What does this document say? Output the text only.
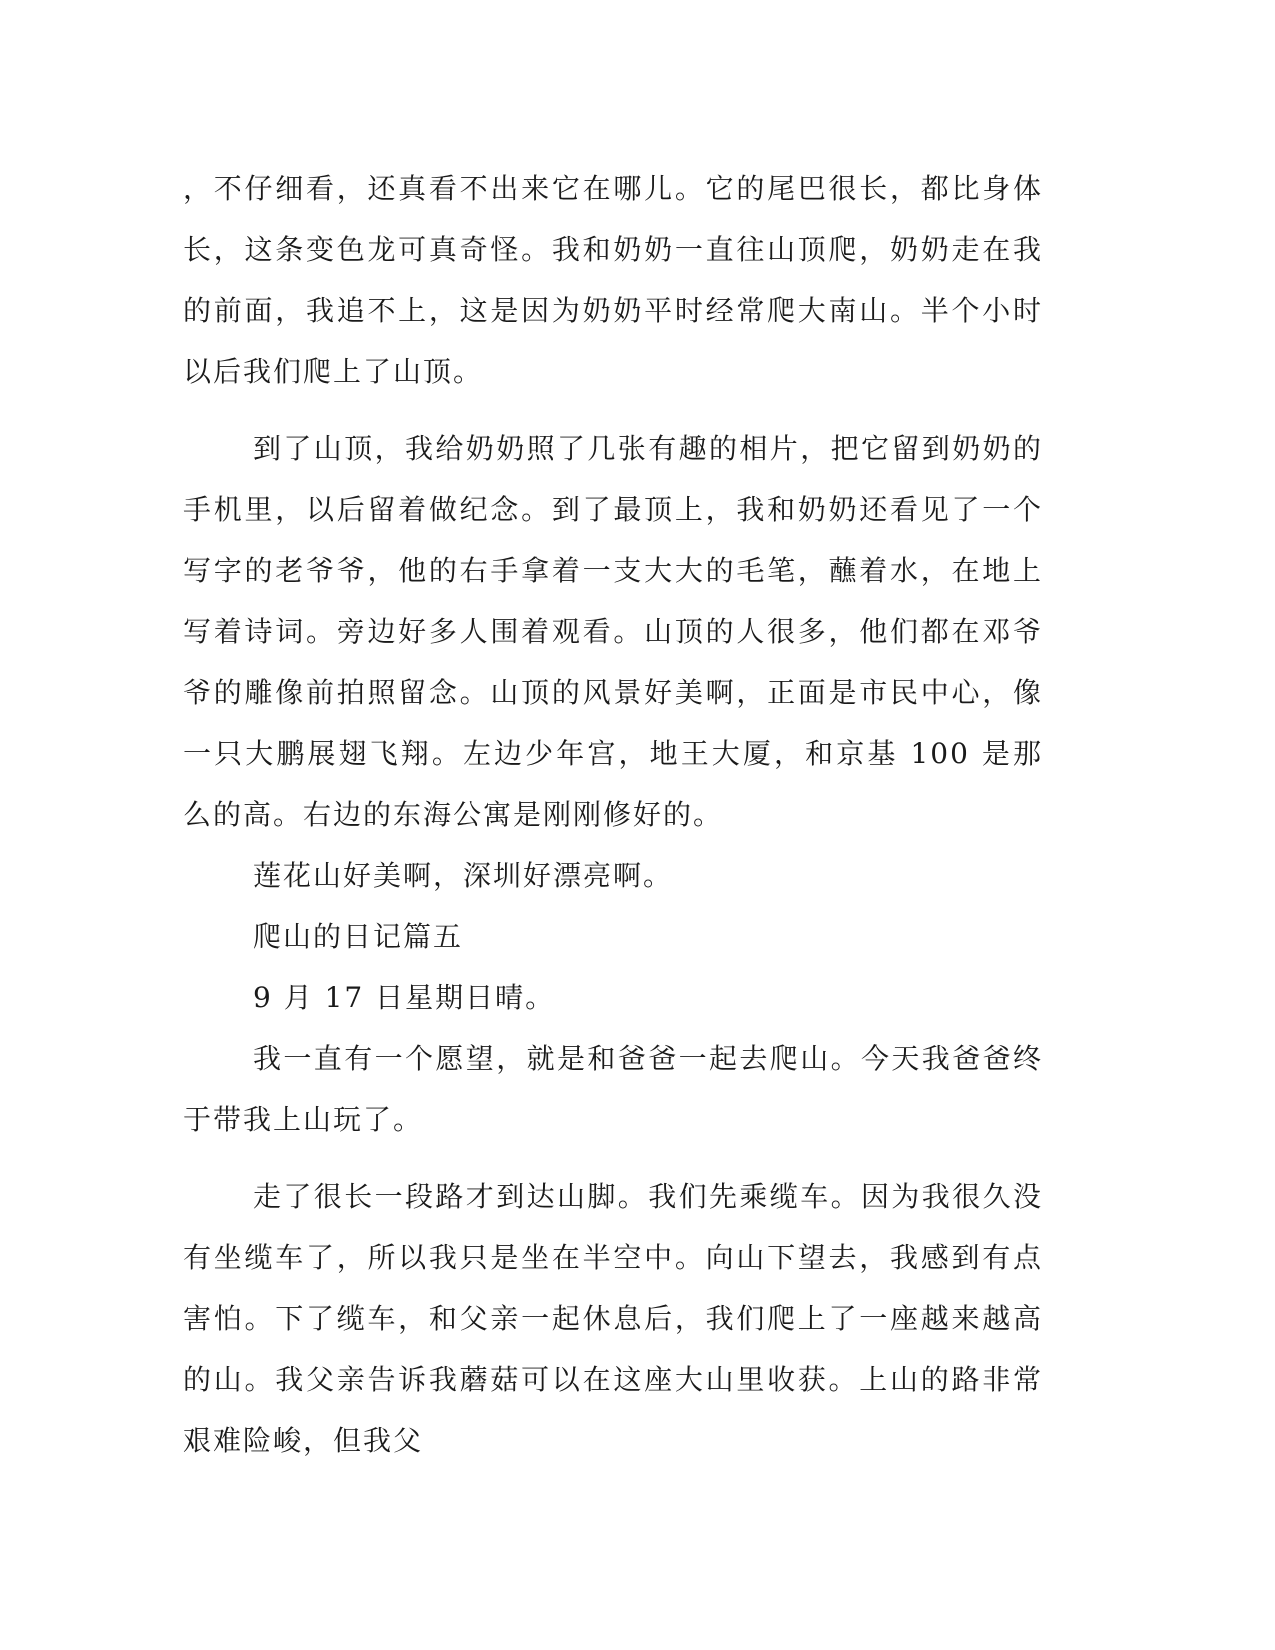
，不仔细看，还真看不出来它在哪儿。它的尾巴很长，都比身体长，这条变色龙可真奇怪。我和奶奶一直往山顶爬，奶奶走在我的前面，我追不上，这是因为奶奶平时经常爬大南山。半个小时以后我们爬上了山顶。

到了山顶，我给奶奶照了几张有趣的相片，把它留到奶奶的手机里，以后留着做纪念。到了最顶上，我和奶奶还看见了一个写字的老爷爷，他的右手拿着一支大大的毛笔，蘸着水，在地上写着诗词。旁边好多人围着观看。山顶的人很多，他们都在邓爷爷的雕像前拍照留念。山顶的风景好美啊，正面是市民中心，像一只大鹏展翅飞翔。左边少年宫，地王大厦，和京基 100 是那么的高。右边的东海公寓是刚刚修好的。

莲花山好美啊，深圳好漂亮啊。

爬山的日记篇五

9 月 17 日星期日晴。

我一直有一个愿望，就是和爸爸一起去爬山。今天我爸爸终于带我上山玩了。

走了很长一段路才到达山脚。我们先乘缆车。因为我很久没有坐缆车了，所以我只是坐在半空中。向山下望去，我感到有点害怕。下了缆车，和父亲一起休息后，我们爬上了一座越来越高的山。我父亲告诉我蘑菇可以在这座大山里收获。上山的路非常艰难险峻，但我父
